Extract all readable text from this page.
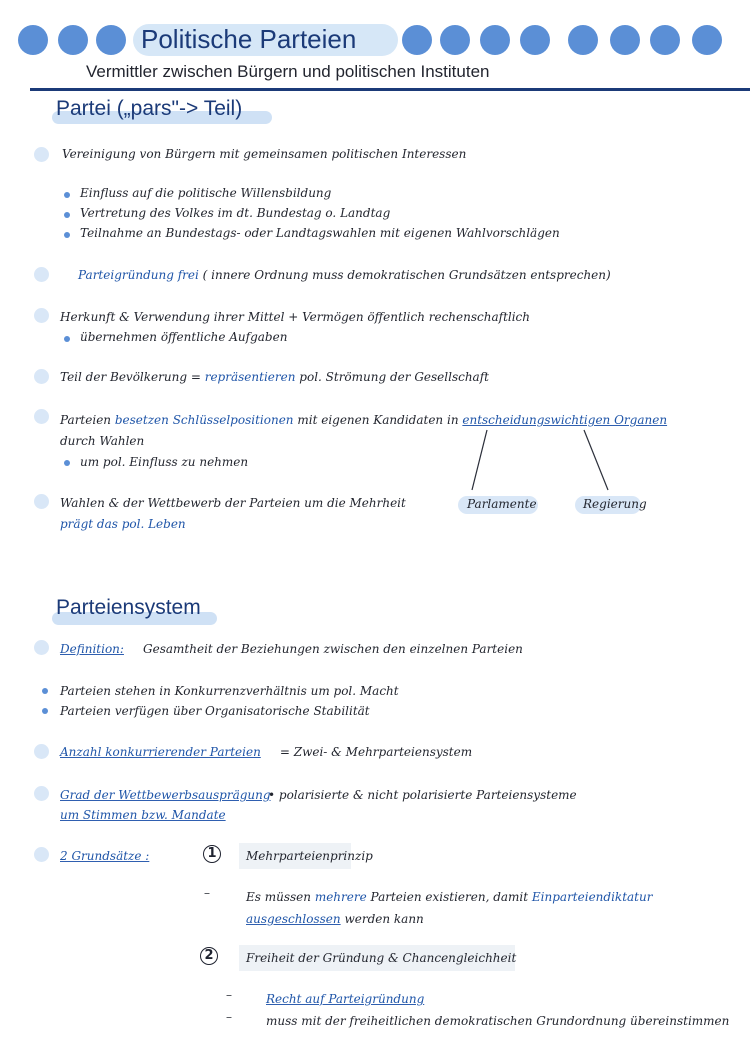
Politische Parteien
Vermittler zwischen Bürgern und politischen Instituten
Partei („pars"-> Teil)
Vereinigung von Bürgern mit gemeinsamen politischen Interessen
Einfluss auf die politische Willensbildung
Vertretung des Volkes im dt. Bundestag o. Landtag
Teilnahme an Bundestags- oder Landtagswahlen mit eigenen Wahlvorschlägen
Parteigründung frei ( innere Ordnung muss demokratischen Grundsätzen entsprechen)
Herkunft & Verwendung ihrer Mittel + Vermögen öffentlich rechenschaftlich
übernehmen öffentliche Aufgaben
Teil der Bevölkerung = repräsentieren pol. Strömung der Gesellschaft
Parteien besetzen Schlüsselpositionen mit eigenen Kandidaten in entscheidungswichtigen Organen
durch Wahlen
um pol. Einfluss zu nehmen
Wahlen & der Wettbewerb der Parteien um die Mehrheit
prägt das pol. Leben
Parlamente	Regierung
Parteiensystem
Definition: Gesamtheit der Beziehungen zwischen den einzelnen Parteien
Parteien stehen in Konkurrenzverhältnis um pol. Macht
Parteien verfügen über Organisatorische Stabilität
Anzahl konkurrierender Parteien = Zwei- & Mehrparteiensystem
Grad der Wettbewerbsausprägung
• polarisierte & nicht polarisierte Parteiensysteme
um Stimmen bzw. Mandate
2 Grundsätze :	1	Mehrparteienprinzip
–	Es müssen mehrere Parteien existieren, damit Einparteiendiktatur
ausgeschlossen werden kann
2	Freiheit der Gründung & Chancengleichheit
–	Recht auf Parteigründung
–	muss mit der freiheitlichen demokratischen Grundordnung übereinstimmen
